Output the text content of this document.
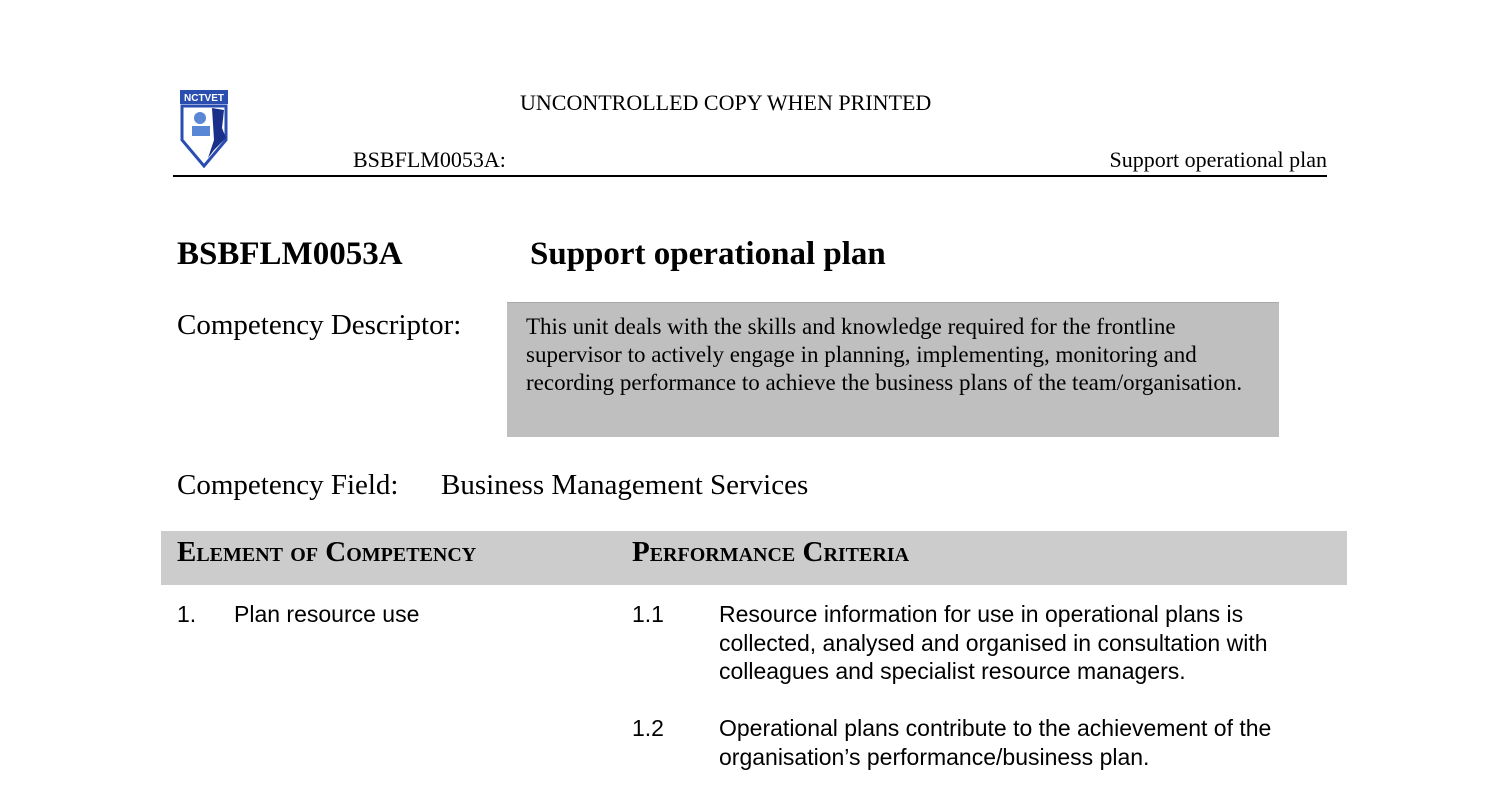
NCTVET	UNCONTROLLED COPY WHEN PRINTED
BSBFLM0053A:	Support operational plan
BSBFLM0053A	Support operational plan
Competency Descriptor:	This unit deals with the skills and knowledge required for the frontline supervisor to actively engage in planning, implementing, monitoring and recording performance to achieve the business plans of the team/organisation.
Competency Field: Business Management Services
Element of Competency	Performance Criteria
1. Plan resource use	1.1 Resource information for use in operational plans is collected, analysed and organised in consultation with colleagues and specialist resource managers.
1.2 Operational plans contribute to the achievement of the organisation’s performance/business plan.
